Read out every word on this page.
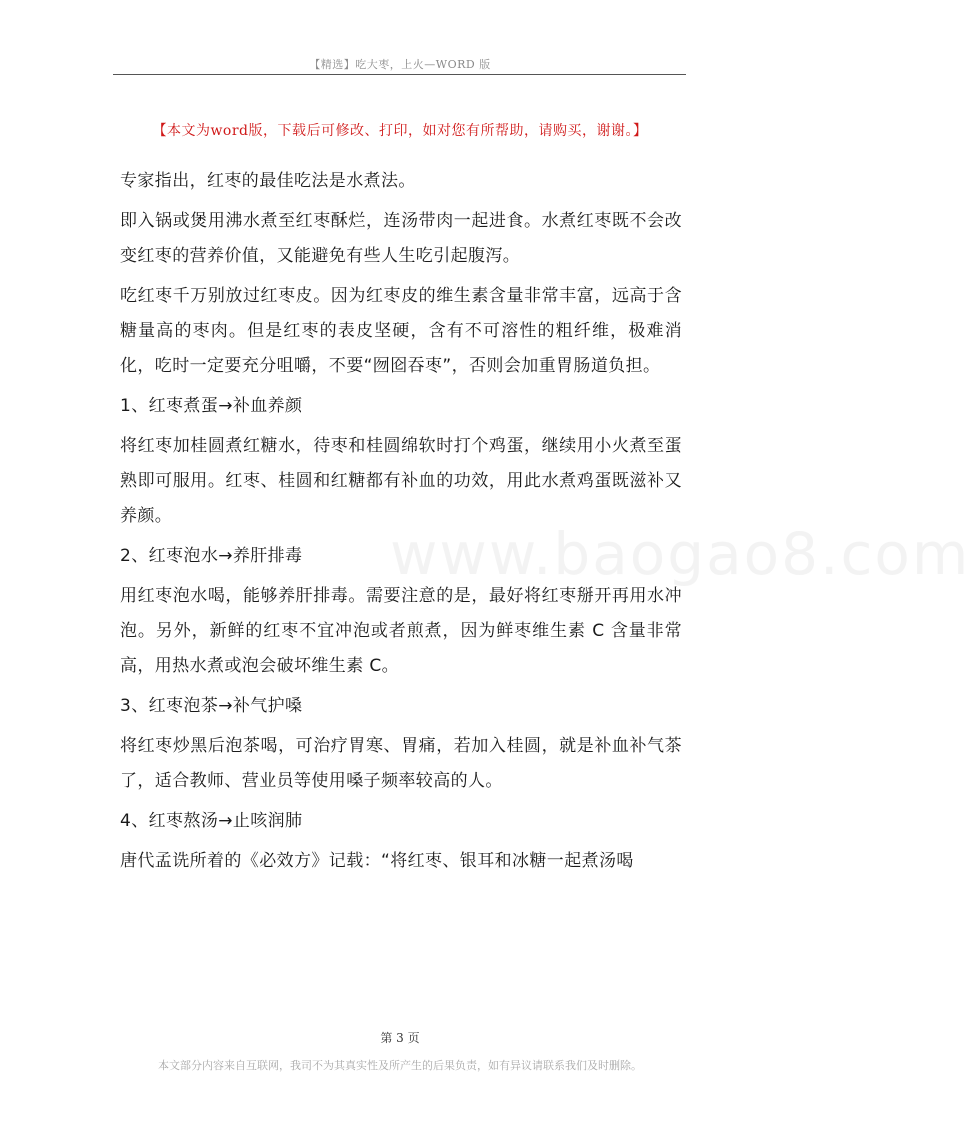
【精选】吃大枣，上火—WORD 版
【本文为word版，下载后可修改、打印，如对您有所帮助，请购买，谢谢。】
www.baogao8.com

专家指出，红枣的最佳吃法是水煮法。

即入锅或煲用沸水煮至红枣酥烂，连汤带肉一起进食。水煮红枣既不会改变红枣的营养价值，又能避免有些人生吃引起腹泻。

吃红枣千万别放过红枣皮。因为红枣皮的维生素含量非常丰富，远高于含糖量高的枣肉。但是红枣的表皮坚硬，含有不可溶性的粗纤维，极难消化，吃时一定要充分咀嚼，不要“囫囵吞枣”，否则会加重胃肠道负担。

1、红枣煮蛋→补血养颜

将红枣加桂圆煮红糖水，待枣和桂圆绵软时打个鸡蛋，继续用小火煮至蛋熟即可服用。红枣、桂圆和红糖都有补血的功效，用此水煮鸡蛋既滋补又养颜。

2、红枣泡水→养肝排毒

用红枣泡水喝，能够养肝排毒。需要注意的是，最好将红枣掰开再用水冲泡。另外，新鲜的红枣不宜冲泡或者煎煮，因为鲜枣维生素 C 含量非常高，用热水煮或泡会破坏维生素 C。

3、红枣泡茶→补气护嗓

将红枣炒黑后泡茶喝，可治疗胃寒、胃痛，若加入桂圆，就是补血补气茶了，适合教师、营业员等使用嗓子频率较高的人。

4、红枣熬汤→止咳润肺

唐代孟诜所着的《必效方》记载：“将红枣、银耳和冰糖一起煮汤喝

第 3 页
本文部分内容来自互联网，我司不为其真实性及所产生的后果负责，如有异议请联系我们及时删除。
